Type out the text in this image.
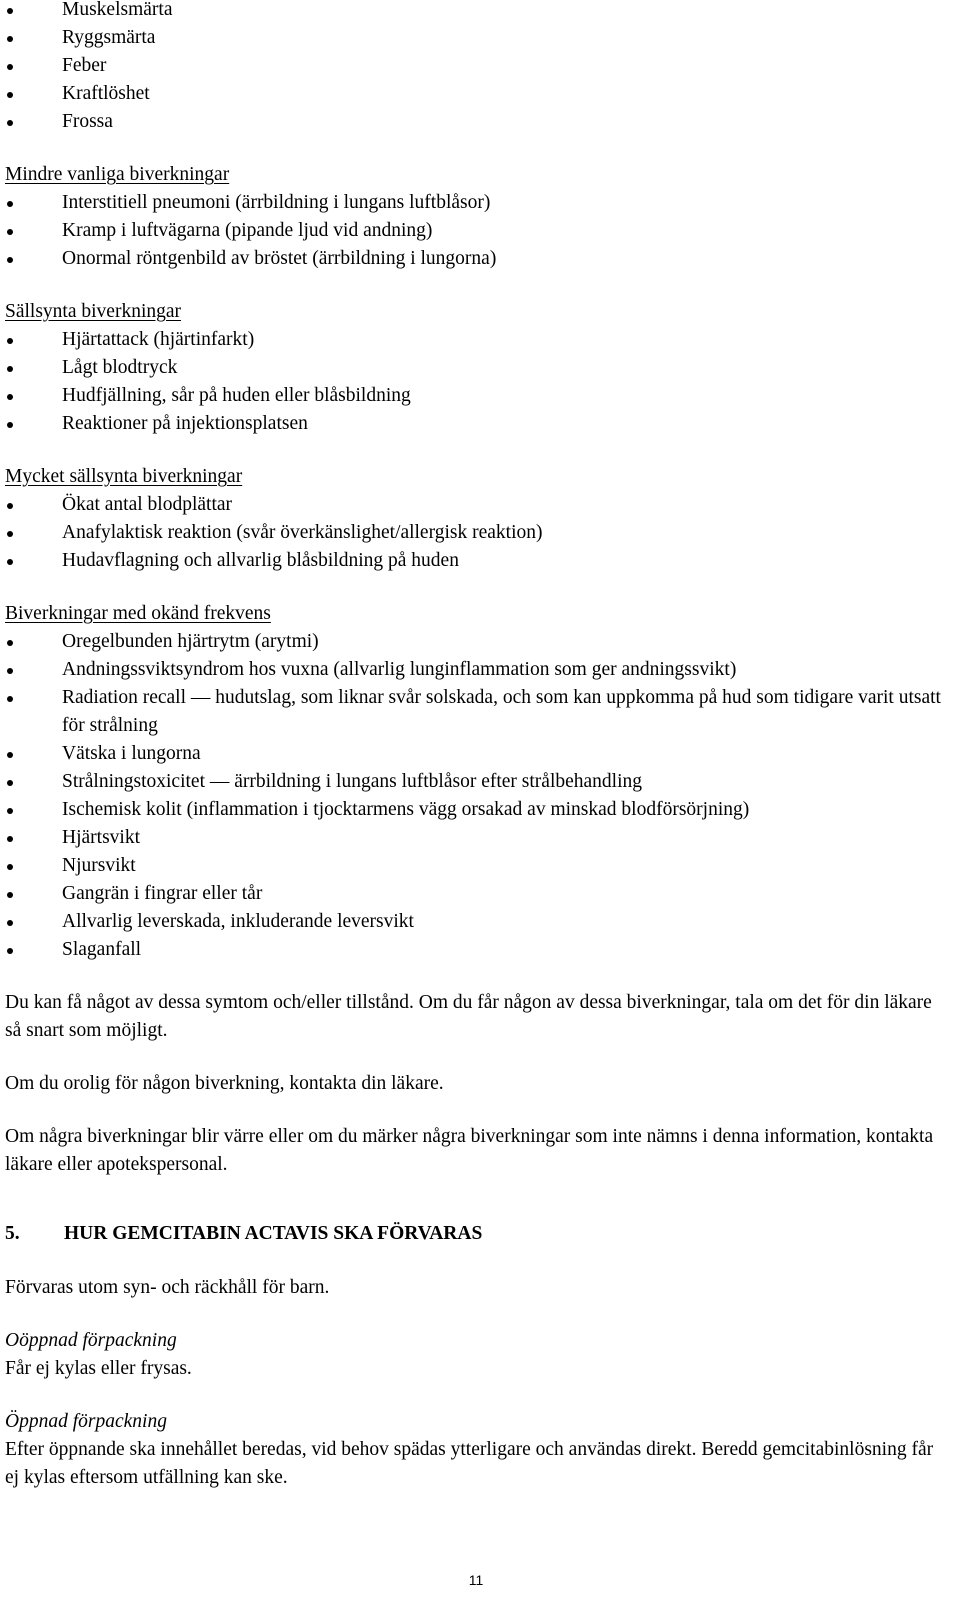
Muskelsmärta
Ryggsmärta
Feber
Kraftlöshet
Frossa
Mindre vanliga biverkningar
Interstitiell pneumoni (ärrbildning i lungans luftblåsor)
Kramp i luftvägarna (pipande ljud vid andning)
Onormal röntgenbild av bröstet (ärrbildning i lungorna)
Sällsynta biverkningar
Hjärtattack (hjärtinfarkt)
Lågt blodtryck
Hudfjällning, sår på huden eller blåsbildning
Reaktioner på injektionsplatsen
Mycket sällsynta biverkningar
Ökat antal blodplättar
Anafylaktisk reaktion (svår överkänslighet/allergisk reaktion)
Hudavflagning och allvarlig blåsbildning på huden
Biverkningar med okänd frekvens
Oregelbunden hjärtrytm (arytmi)
Andningssviktsyndrom hos vuxna (allvarlig lunginflammation som ger andningssvikt)
Radiation recall — hudutslag, som liknar svår solskada, och som kan uppkomma på hud som tidigare varit utsatt för strålning
Vätska i lungorna
Strålningstoxicitet — ärrbildning i lungans luftblåsor efter strålbehandling
Ischemisk kolit (inflammation i tjocktarmens vägg orsakad av minskad blodförsörjning)
Hjärtsvikt
Njursvikt
Gangrän i fingrar eller tår
Allvarlig leverskada, inkluderande leversvikt
Slaganfall

Du kan få något av dessa symtom och/eller tillstånd. Om du får någon av dessa biverkningar, tala om det för din läkare så snart som möjligt.

Om du orolig för någon biverkning, kontakta din läkare.

Om några biverkningar blir värre eller om du märker några biverkningar som inte nämns i denna information, kontakta läkare eller apotekspersonal.

5.	HUR GEMCITABIN ACTAVIS SKA FÖRVARAS

Förvaras utom syn- och räckhåll för barn.

Oöppnad förpackning

Får ej kylas eller frysas.

Öppnad förpackning

Efter öppnande ska innehållet beredas, vid behov spädas ytterligare och användas direkt. Beredd gemcitabinlösning får ej kylas eftersom utfällning kan ske.

11
